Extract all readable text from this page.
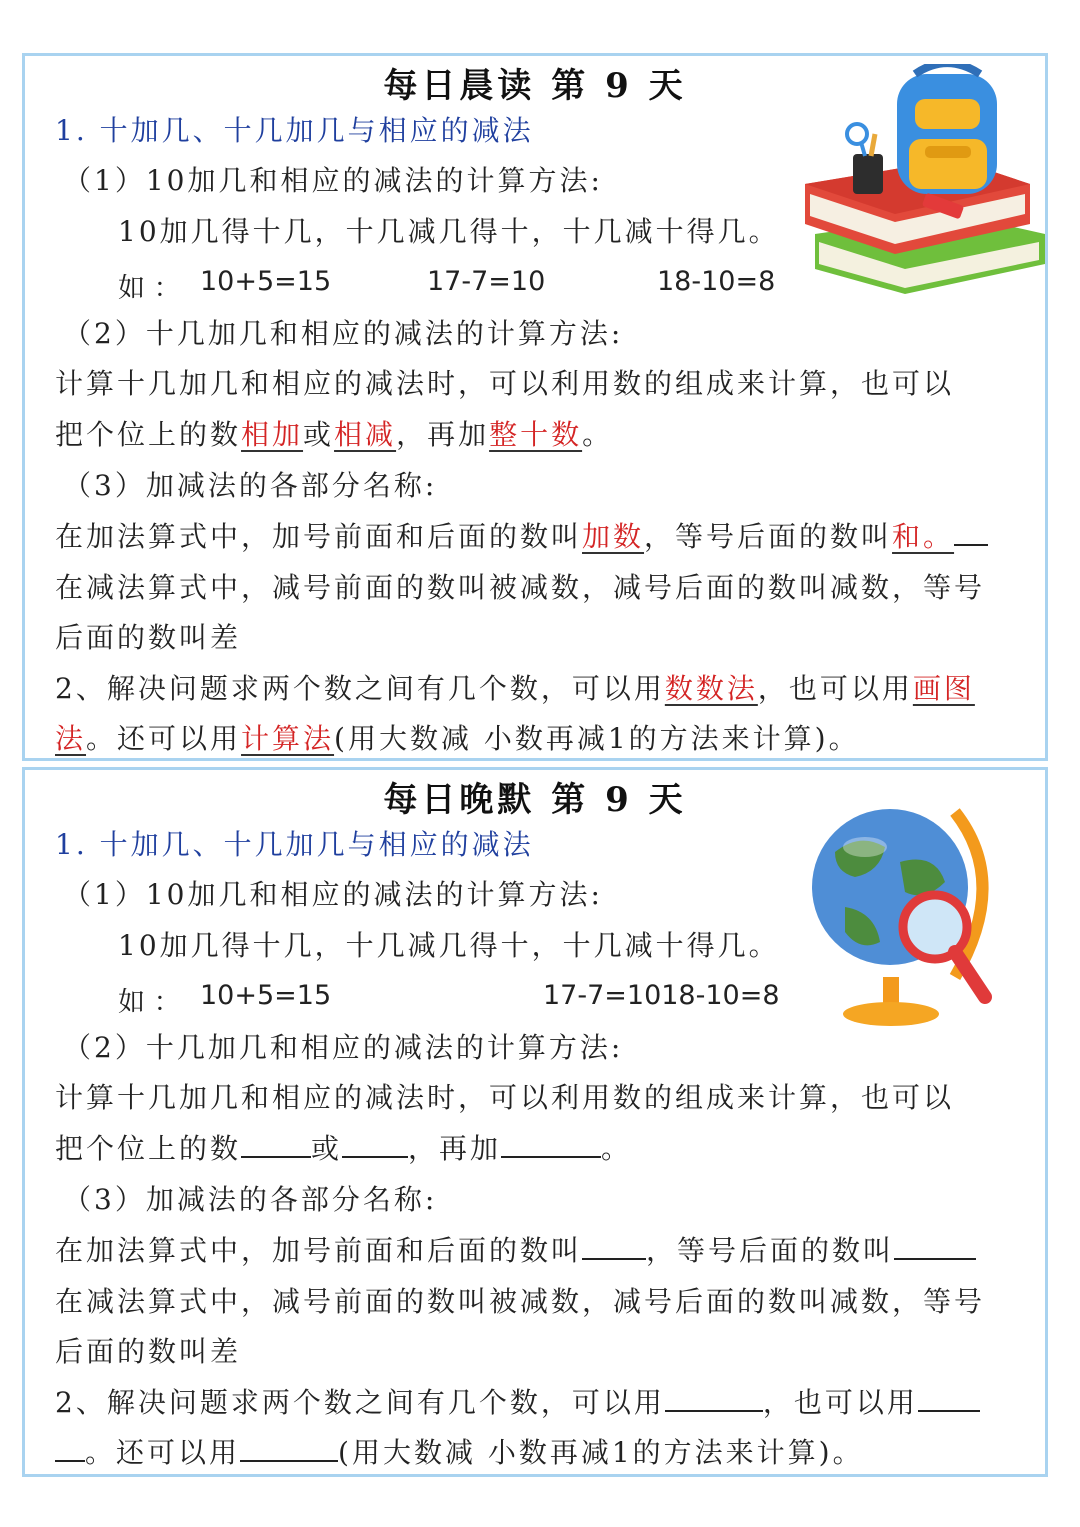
每日晨读 第 9 天
1. 十加几、十几加几与相应的减法
（1）10加几和相应的减法的计算方法:
10加几得十几，十几减几得十，十几减十得几。
如 ： 10+5=15	17-7=10	18-10=8
（2）十几加几和相应的减法的计算方法:
计算十几加几和相应的减法时，可以利用数的组成来计算，也可以
把个位上的数相加或相减，再加整十数。
（3）加减法的各部分名称:
在加法算式中，加号前面和后面的数叫加数，等号后面的数叫和。
在减法算式中，减号前面的数叫被减数，减号后面的数叫减数，等号
后面的数叫差
2、解决问题求两个数之间有几个数，可以用数数法，也可以用画图
法。还可以用计算法(用大数减 小数再减1的方法来计算)。
每日晚默 第 9 天
1. 十加几、十几加几与相应的减法
（1）10加几和相应的减法的计算方法:
10加几得十几，十几减几得十，十几减十得几。
如 ： 10+5=15	17-7=1018-10=8
（2）十几加几和相应的减法的计算方法:
计算十几加几和相应的减法时，可以利用数的组成来计算，也可以
把个位上的数	或 ，再加	。
（3）加减法的各部分名称:
在加法算式中，加号前面和后面的数叫 ，等号后面的数叫
在减法算式中，减号前面的数叫被减数，减号后面的数叫减数，等号
后面的数叫差
2、解决问题求两个数之间有几个数，可以用	，也可以用
。还可以用	(用大数减 小数再减1的方法来计算)。
